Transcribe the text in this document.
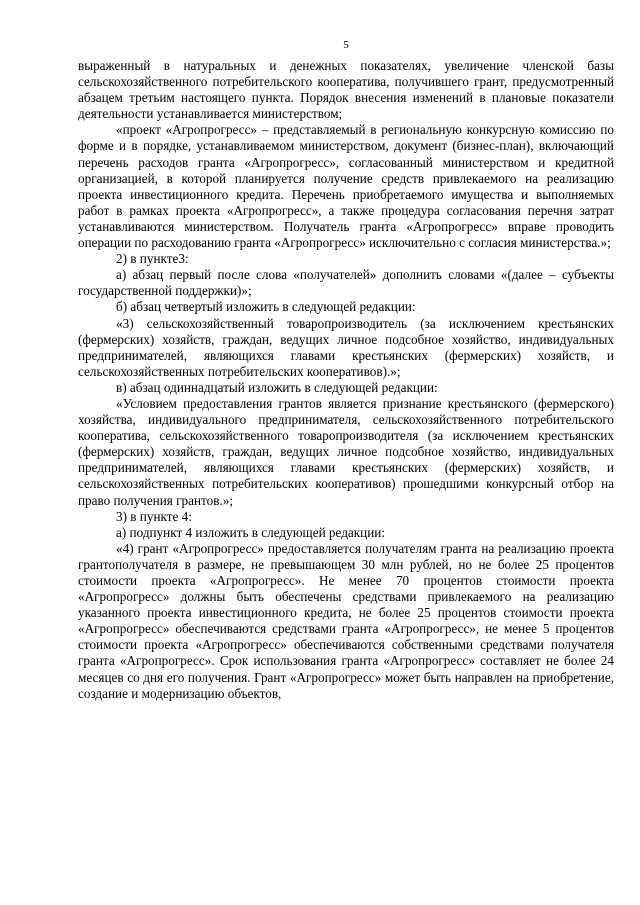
5

выраженный в натуральных и денежных показателях, увеличение членской базы сельскохозяйственного потребительского кооператива, получившего грант, предусмотренный абзацем третьим настоящего пункта. Порядок внесения изменений в плановые показатели деятельности устанавливается министерством;

«проект «Агропрогресс» – представляемый в региональную конкурсную комиссию по форме и в порядке, устанавливаемом министерством, документ (бизнес-план), включающий перечень расходов гранта «Агропрогресс», согласованный министерством и кредитной организацией, в которой планируется получение средств привлекаемого на реализацию проекта инвестиционного кредита. Перечень приобретаемого имущества и выполняемых работ в рамках проекта «Агропрогресс», а также процедура согласования перечня затрат устанавливаются министерством. Получатель гранта «Агропрогресс» вправе проводить операции по расходованию гранта «Агропрогресс» исключительно с согласия министерства.»;

2) в пункте3:

а) абзац первый после слова «получателей» дополнить словами «(далее – субъекты государственной поддержки)»;

б) абзац четвертый изложить в следующей редакции:

«3) сельскохозяйственный товаропроизводитель (за исключением крестьянских (фермерских) хозяйств, граждан, ведущих личное подсобное хозяйство, индивидуальных предпринимателей, являющихся главами крестьянских (фермерских) хозяйств, и сельскохозяйственных потребительских кооперативов).»;

в) абзац одиннадцатый изложить в следующей редакции:

«Условием предоставления грантов является признание крестьянского (фермерского) хозяйства, индивидуального предпринимателя, сельскохозяйственного потребительского кооператива, сельскохозяйственного товаропроизводителя (за исключением крестьянских (фермерских) хозяйств, граждан, ведущих личное подсобное хозяйство, индивидуальных предпринимателей, являющихся главами крестьянских (фермерских) хозяйств, и сельскохозяйственных потребительских кооперативов) прошедшими конкурсный отбор на право получения грантов.»;

3) в пункте 4:

а) подпункт 4 изложить в следующей редакции:

«4) грант «Агропрогресс» предоставляется получателям гранта на реализацию проекта грантополучателя в размере, не превышающем 30 млн рублей, но не более 25 процентов стоимости проекта «Агропрогресс». Не менее 70 процентов стоимости проекта «Агропрогресс» должны быть обеспечены средствами привлекаемого на реализацию указанного проекта инвестиционного кредита, не более 25 процентов стоимости проекта «Агропрогресс» обеспечиваются средствами гранта «Агропрогресс», не менее 5 процентов стоимости проекта «Агропрогресс» обеспечиваются собственными средствами получателя гранта «Агропрогресс». Срок использования гранта «Агропрогресс» составляет не более 24 месяцев со дня его получения. Грант «Агропрогресс» может быть направлен на приобретение, создание и модернизацию объектов,
